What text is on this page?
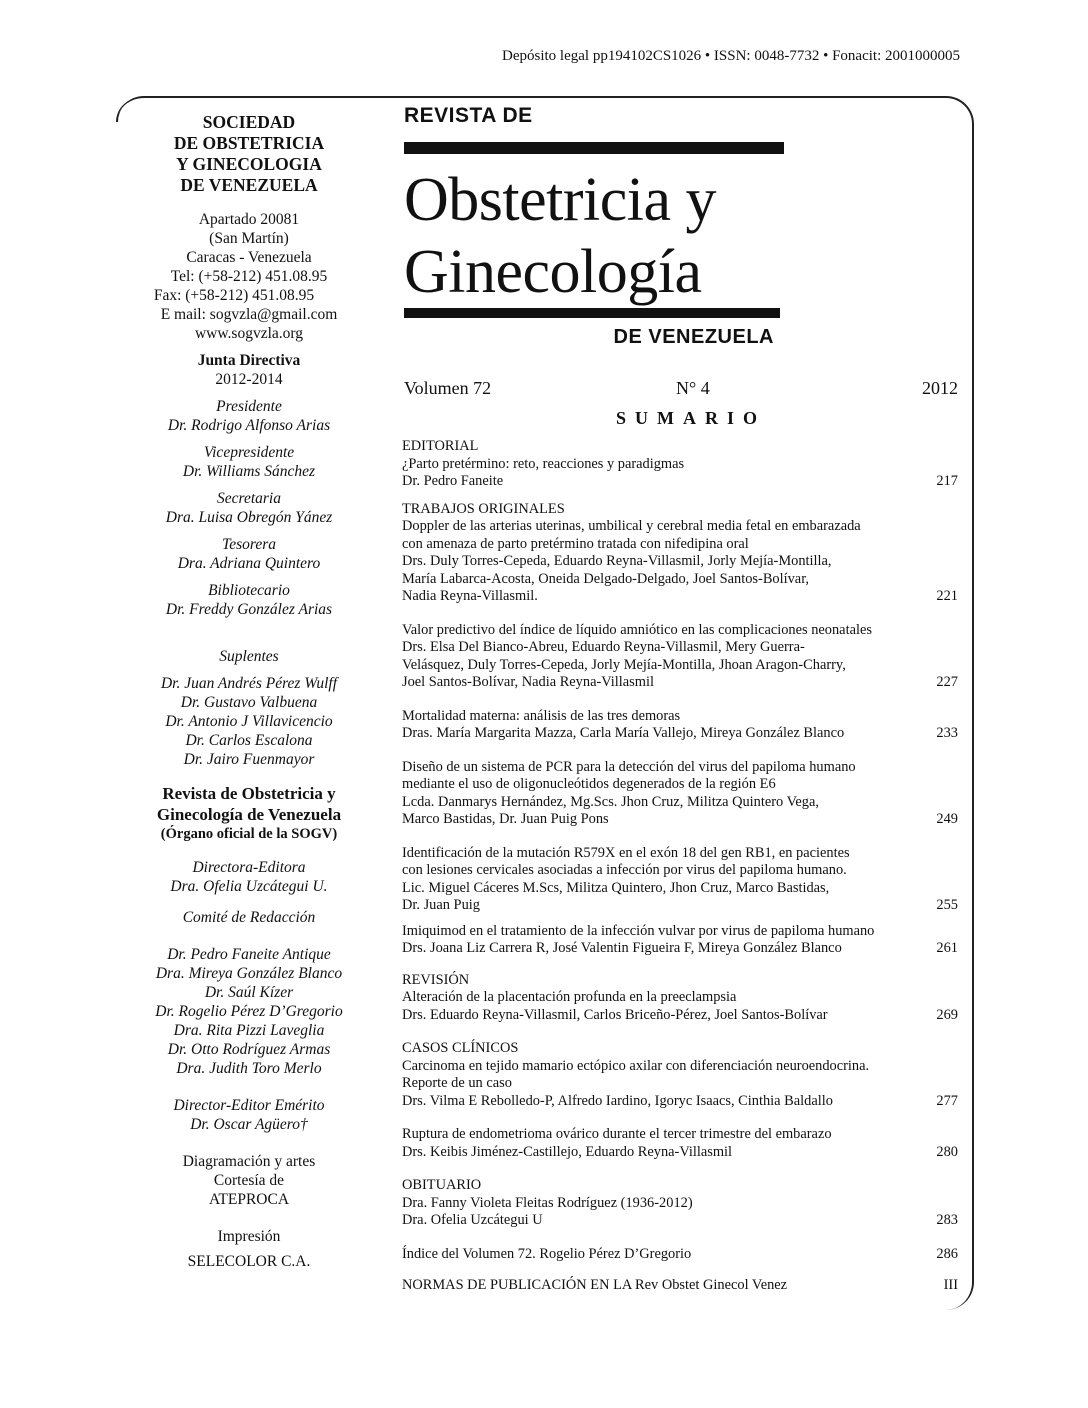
Depósito legal pp194102CS1026 • ISSN: 0048-7732 • Fonacit: 2001000005
SOCIEDAD
DE OBSTETRICIA
Y GINECOLOGIA
DE VENEZUELA
Apartado 20081
(San Martín)
Caracas - Venezuela
Tel: (+58-212) 451.08.95
Fax: (+58-212) 451.08.95
E mail: sogvzla@gmail.com
www.sogvzla.org
Junta Directiva
2012-2014
Presidente
Dr. Rodrigo Alfonso Arias
Vicepresidente
Dr. Williams Sánchez
Secretaria
Dra. Luisa Obregón Yánez
Tesorera
Dra. Adriana Quintero
Bibliotecario
Dr. Freddy González Arias
Suplentes
Dr. Juan Andrés Pérez Wulff
Dr. Gustavo Valbuena
Dr. Antonio J Villavicencio
Dr. Carlos Escalona
Dr. Jairo Fuenmayor
Revista de Obstetricia y
Ginecología de Venezuela
(Órgano oficial de la SOGV)
Directora-Editora
Dra. Ofelia Uzcátegui U.
Comité de Redacción
Dr. Pedro Faneite Antique
Dra. Mireya González Blanco
Dr. Saúl Kízer
Dr. Rogelio Pérez D’Gregorio
Dra. Rita Pizzi Laveglia
Dr. Otto Rodríguez Armas
Dra. Judith Toro Merlo
Director-Editor Emérito
Dr. Oscar Agüero†
Diagramación y artes
Cortesía de
ATEPROCA
Impresión
SELECOLOR C.A.
REVISTA DE
Obstetricia y
Ginecología
DE VENEZUELA
Volumen 72	N° 4	2012
SUMARIO
EDITORIAL
¿Parto pretérmino: reto, reacciones y paradigmas
Dr. Pedro Faneite	217
TRABAJOS ORIGINALES
Doppler de las arterias uterinas, umbilical y cerebral media fetal en embarazada
con amenaza de parto pretérmino tratada con nifedipina oral
Drs. Duly Torres-Cepeda, Eduardo Reyna-Villasmil, Jorly Mejía-Montilla,
María Labarca-Acosta, Oneida Delgado-Delgado, Joel Santos-Bolívar,
Nadia Reyna-Villasmil.	221
Valor predictivo del índice de líquido amniótico en las complicaciones neonatales
Drs. Elsa Del Bianco-Abreu, Eduardo Reyna-Villasmil, Mery Guerra-
Velásquez, Duly Torres-Cepeda, Jorly Mejía-Montilla, Jhoan Aragon-Charry,
Joel Santos-Bolívar, Nadia Reyna-Villasmil	227
Mortalidad materna: análisis de las tres demoras
Dras. María Margarita Mazza, Carla María Vallejo, Mireya González Blanco	233
Diseño de un sistema de PCR para la detección del virus del papiloma humano
mediante el uso de oligonucleótidos degenerados de la región E6
Lcda. Danmarys Hernández, Mg.Scs. Jhon Cruz, Militza Quintero Vega,
Marco Bastidas, Dr. Juan Puig Pons	249
Identificación de la mutación R579X en el exón 18 del gen RB1, en pacientes
con lesiones cervicales asociadas a infección por virus del papiloma humano.
Lic. Miguel Cáceres M.Scs, Militza Quintero, Jhon Cruz, Marco Bastidas,
Dr. Juan Puig	255
Imiquimod en el tratamiento de la infección vulvar por virus de papiloma humano
Drs. Joana Liz Carrera R, José Valentin Figueira F, Mireya González Blanco	261
REVISIÓN
Alteración de la placentación profunda en la preeclampsia
Drs. Eduardo Reyna-Villasmil, Carlos Briceño-Pérez, Joel Santos-Bolívar	269
CASOS CLÍNICOS
Carcinoma en tejido mamario ectópico axilar con diferenciación neuroendocrina.
Reporte de un caso
Drs. Vilma E Rebolledo-P, Alfredo Iardino, Igoryc Isaacs, Cinthia Baldallo	277
Ruptura de endometrioma ovárico durante el tercer trimestre del embarazo
Drs. Keibis Jiménez-Castillejo, Eduardo Reyna-Villasmil	280
OBITUARIO
Dra. Fanny Violeta Fleitas Rodríguez (1936-2012)
Dra. Ofelia Uzcátegui U	283
Índice del Volumen 72. Rogelio Pérez D’Gregorio	286
NORMAS DE PUBLICACIÓN EN LA Rev Obstet Ginecol Venez	III
